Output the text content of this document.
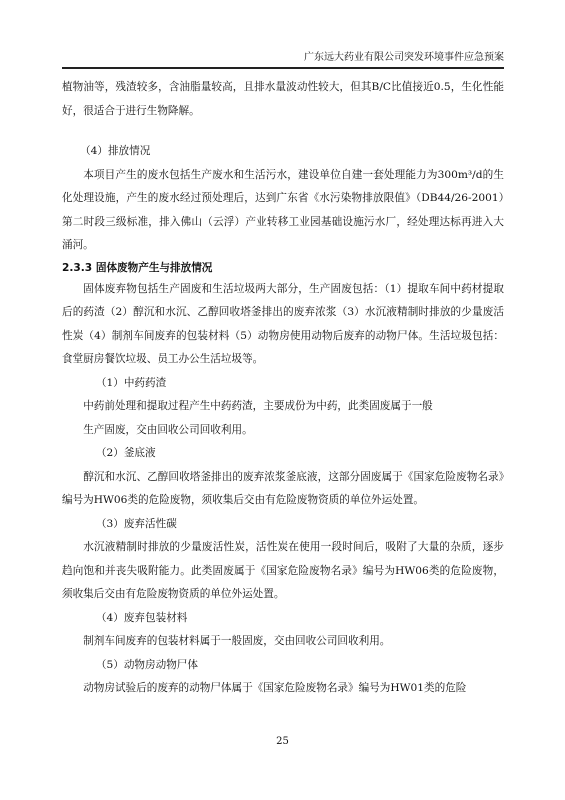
广东远大药业有限公司突发环境事件应急预案

植物油等，残渣较多，含油脂量较高，且排水量波动性较大，但其B/C比值接近0.5，生化性能好，很适合于进行生物降解。

（4）排放情况

本项目产生的废水包括生产废水和生活污水，建设单位自建一套处理能力为300m³/d的生化处理设施，产生的废水经过预处理后，达到广东省《水污染物排放限值》（DB44/26-2001）第二时段三级标准，排入佛山（云浮）产业转移工业园基础设施污水厂，经处理达标再进入大涌河。

2.3.3 固体废物产生与排放情况

固体废弃物包括生产固废和生活垃圾两大部分，生产固废包括：（1）提取车间中药材提取后的药渣（2）醇沉和水沉、乙醇回收塔釜排出的废弃浓浆（3）水沉液精制时排放的少量废活性炭（4）制剂车间废弃的包装材料（5）动物房使用动物后废弃的动物尸体。生活垃圾包括：食堂厨房餐饮垃圾、员工办公生活垃圾等。

（1）中药药渣

中药前处理和提取过程产生中药药渣，主要成份为中药，此类固废属于一般

生产固废，交由回收公司回收利用。

（2）釜底液

醇沉和水沉、乙醇回收塔釜排出的废弃浓浆釜底液，这部分固废属于《国家危险废物名录》编号为HW06类的危险废物，须收集后交由有危险废物资质的单位外运处置。

（3）废弃活性碳

水沉液精制时排放的少量废活性炭，活性炭在使用一段时间后，吸附了大量的杂质，逐步趋向饱和并丧失吸附能力。此类固废属于《国家危险废物名录》编号为HW06类的危险废物，须收集后交由有危险废物资质的单位外运处置。

（4）废弃包装材料

制剂车间废弃的包装材料属于一般固废，交由回收公司回收利用。

（5）动物房动物尸体

动物房试验后的废弃的动物尸体属于《国家危险废物名录》编号为HW01类的危险

25
